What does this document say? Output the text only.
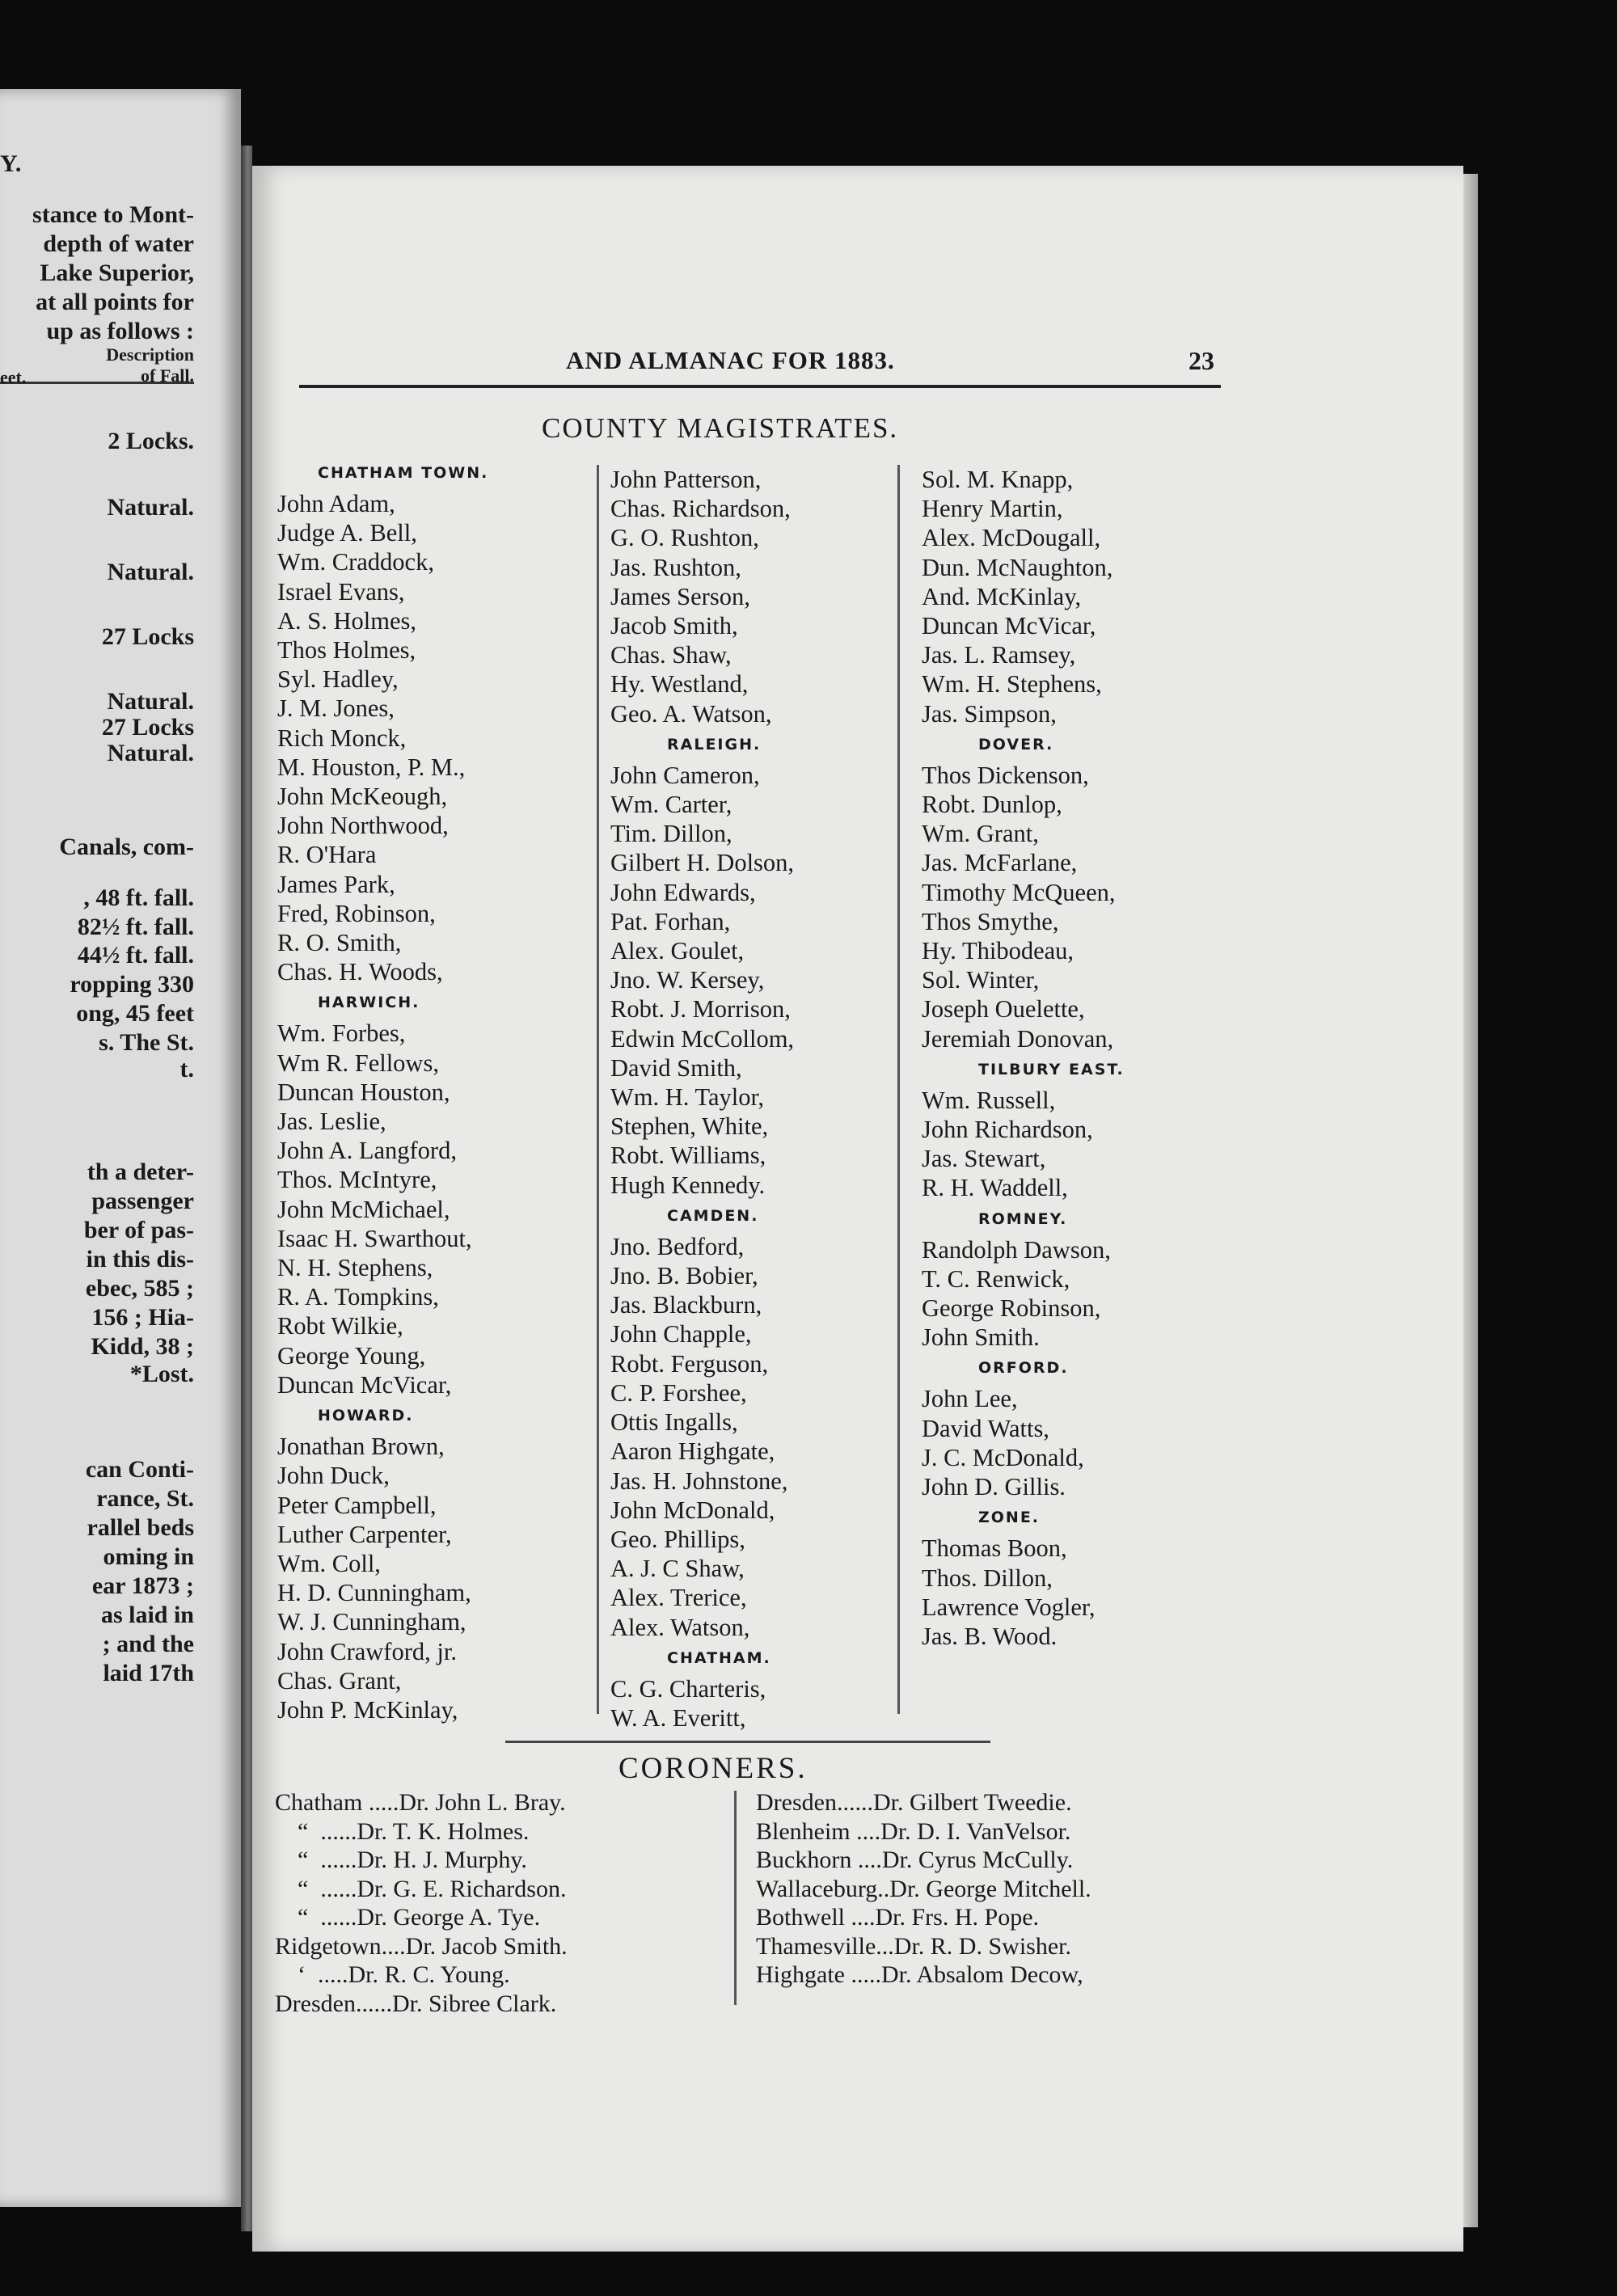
Y.
stance to Mont-
depth of water
Lake Superior,
at all points for
up as follows :
Description
eet.	of Fall.
2 Locks.
Natural.
Natural.
27 Locks
Natural.
27 Locks
Natural.
Canals, com-
, 48 ft. fall.
82½ ft. fall.
44½ ft. fall.
ropping 330
ong, 45 feet
s. The St.
t.
th a deter-
passenger
ber of pas-
in this dis-
ebec, 585 ;
156 ; Hia-
Kidd, 38 ;
*Lost.
can Conti-
rance, St.
rallel beds
oming in
ear 1873 ;
as laid in
; and the
laid 17th
AND ALMANAC FOR 1883.	23
COUNTY MAGISTRATES.
CHATHAM TOWN.
John Adam,
Judge A. Bell,
Wm. Craddock,
Israel Evans,
A. S. Holmes,
Thos Holmes,
Syl. Hadley,
J. M. Jones,
Rich Monck,
M. Houston, P. M.,
John McKeough,
John Northwood,
R. O'Hara
James Park,
Fred, Robinson,
R. O. Smith,
Chas. H. Woods,
HARWICH.
Wm. Forbes,
Wm R. Fellows,
Duncan Houston,
Jas. Leslie,
John A. Langford,
Thos. McIntyre,
John McMichael,
Isaac H. Swarthout,
N. H. Stephens,
R. A. Tompkins,
Robt Wilkie,
George Young,
Duncan McVicar,
HOWARD.
Jonathan Brown,
John Duck,
Peter Campbell,
Luther Carpenter,
Wm. Coll,
H. D. Cunningham,
W. J. Cunningham,
John Crawford, jr.
Chas. Grant,
John P. McKinlay,
John Patterson,
Chas. Richardson,
G. O. Rushton,
Jas. Rushton,
James Serson,
Jacob Smith,
Chas. Shaw,
Hy. Westland,
Geo. A. Watson,
RALEIGH.
John Cameron,
Wm. Carter,
Tim. Dillon,
Gilbert H. Dolson,
John Edwards,
Pat. Forhan,
Alex. Goulet,
Jno. W. Kersey,
Robt. J. Morrison,
Edwin McCollom,
David Smith,
Wm. H. Taylor,
Stephen, White,
Robt. Williams,
Hugh Kennedy.
CAMDEN.
Jno. Bedford,
Jno. B. Bobier,
Jas. Blackburn,
John Chapple,
Robt. Ferguson,
C. P. Forshee,
Ottis Ingalls,
Aaron Highgate,
Jas. H. Johnstone,
John McDonald,
Geo. Phillips,
A. J. C Shaw,
Alex. Trerice,
Alex. Watson,
CHATHAM.
C. G. Charteris,
W. A. Everitt,
Sol. M. Knapp,
Henry Martin,
Alex. McDougall,
Dun. McNaughton,
And. McKinlay,
Duncan McVicar,
Jas. L. Ramsey,
Wm. H. Stephens,
Jas. Simpson,
DOVER.
Thos Dickenson,
Robt. Dunlop,
Wm. Grant,
Jas. McFarlane,
Timothy McQueen,
Thos Smythe,
Hy. Thibodeau,
Sol. Winter,
Joseph Ouelette,
Jeremiah Donovan,
TILBURY EAST.
Wm. Russell,
John Richardson,
Jas. Stewart,
R. H. Waddell,
ROMNEY.
Randolph Dawson,
T. C. Renwick,
George Robinson,
John Smith.
ORFORD.
John Lee,
David Watts,
J. C. McDonald,
John D. Gillis.
ZONE.
Thomas Boon,
Thos. Dillon,
Lawrence Vogler,
Jas. B. Wood.
CORONERS.
Chatham .....Dr. John L. Bray.
“  ......Dr. T. K. Holmes.
“  ......Dr. H. J. Murphy.
“  ......Dr. G. E. Richardson.
“  ......Dr. George A. Tye.
Ridgetown....Dr. Jacob Smith.
‘  .....Dr. R. C. Young.
Dresden......Dr. Sibree Clark.
Dresden......Dr. Gilbert Tweedie.
Blenheim ....Dr. D. I. VanVelsor.
Buckhorn ....Dr. Cyrus McCully.
Wallaceburg..Dr. George Mitchell.
Bothwell ....Dr. Frs. H. Pope.
Thamesville...Dr. R. D. Swisher.
Highgate .....Dr. Absalom Decow,
